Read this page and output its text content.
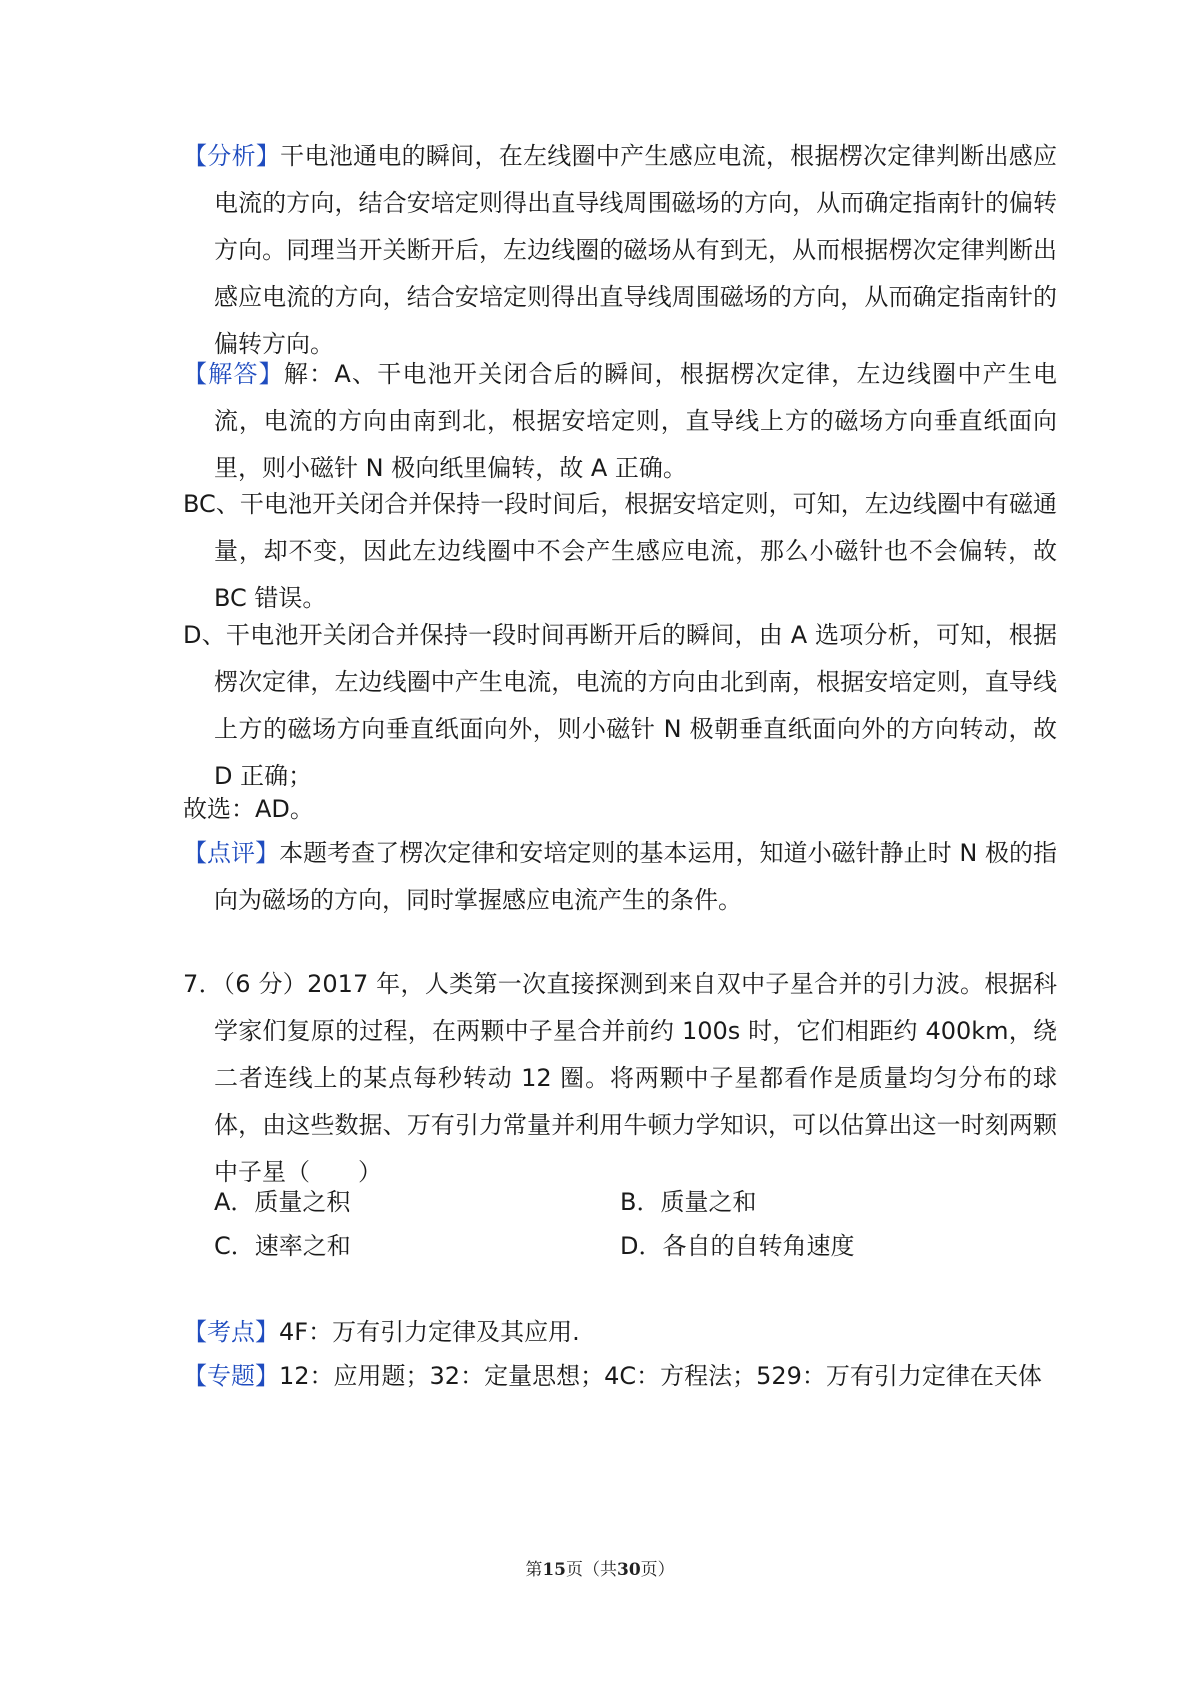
【分析】干电池通电的瞬间，在左线圈中产生感应电流，根据楞次定律判断出感应电流的方向，结合安培定则得出直导线周围磁场的方向，从而确定指南针的偏转方向。同理当开关断开后，左边线圈的磁场从有到无，从而根据楞次定律判断出感应电流的方向，结合安培定则得出直导线周围磁场的方向，从而确定指南针的偏转方向。
【解答】解：A、干电池开关闭合后的瞬间，根据楞次定律，左边线圈中产生电流，电流的方向由南到北，根据安培定则，直导线上方的磁场方向垂直纸面向里，则小磁针 N 极向纸里偏转，故 A 正确。
BC、干电池开关闭合并保持一段时间后，根据安培定则，可知，左边线圈中有磁通量，却不变，因此左边线圈中不会产生感应电流，那么小磁针也不会偏转，故 BC 错误。
D、干电池开关闭合并保持一段时间再断开后的瞬间，由 A 选项分析，可知，根据楞次定律，左边线圈中产生电流，电流的方向由北到南，根据安培定则，直导线上方的磁场方向垂直纸面向外，则小磁针 N 极朝垂直纸面向外的方向转动，故 D 正确；
故选：AD。
【点评】本题考查了楞次定律和安培定则的基本运用，知道小磁针静止时 N 极的指向为磁场的方向，同时掌握感应电流产生的条件。
7．（6 分）2017 年，人类第一次直接探测到来自双中子星合并的引力波。根据科学家们复原的过程，在两颗中子星合并前约 100s 时，它们相距约 400km，绕二者连线上的某点每秒转动 12 圈。将两颗中子星都看作是质量均匀分布的球体，由这些数据、万有引力常量并利用牛顿力学知识，可以估算出这一时刻两颗中子星（　　）
A．质量之积	B．质量之和
C．速率之和	D．各自的自转角速度
【考点】4F：万有引力定律及其应用.
【专题】12：应用题；32：定量思想；4C：方程法；529：万有引力定律在天体
第15页（共30页）
